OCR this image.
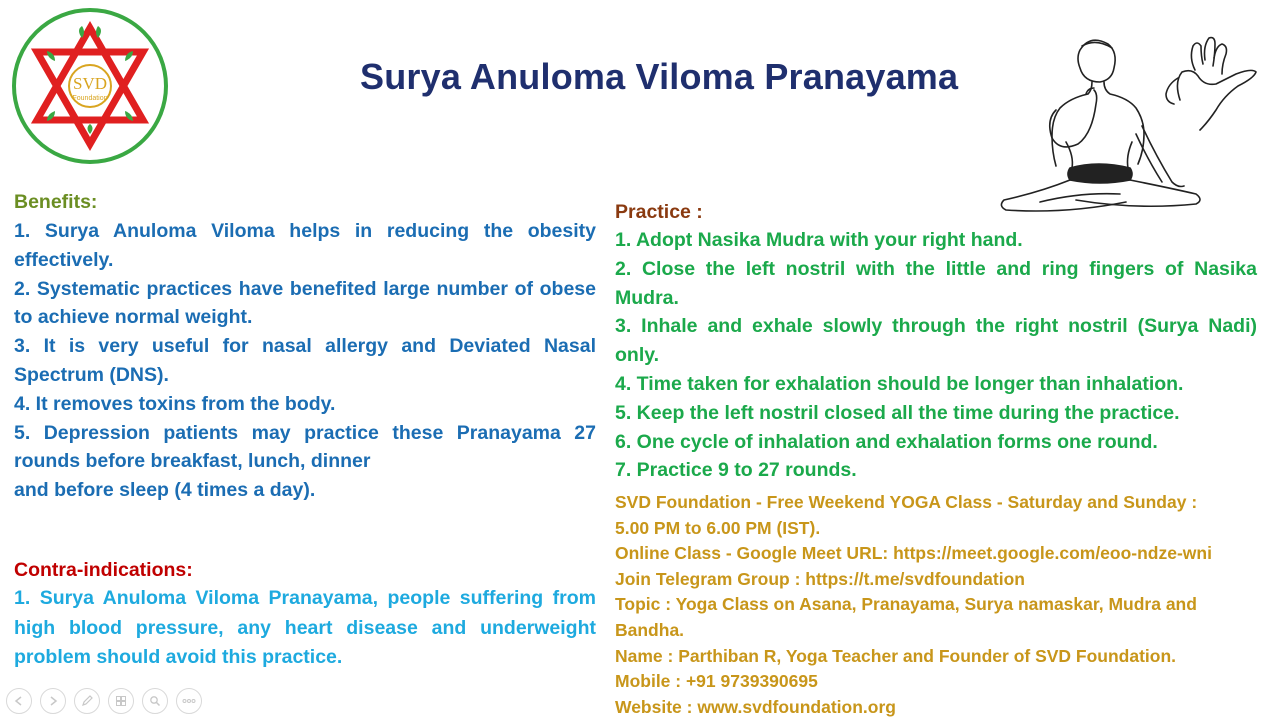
SVD
Foundation
Surya Anuloma Viloma Pranayama
Benefits:
1. Surya Anuloma Viloma helps in reducing the obesity effectively.
2. Systematic practices have benefited large number of obese to achieve normal weight.
3. It is very useful for nasal allergy and Deviated Nasal Spectrum (DNS).
4. It removes toxins from the body.
5. Depression patients may practice these Pranayama 27 rounds before breakfast, lunch, dinner
and before sleep (4 times a day).
Contra-indications:
1. Surya Anuloma Viloma Pranayama, people suffering from high blood pressure, any heart disease and underweight problem should avoid this practice.
Practice :
1. Adopt Nasika Mudra with your right hand.
2. Close the left nostril with the little and ring fingers of Nasika Mudra.
3. Inhale and exhale slowly through the right nostril (Surya Nadi) only.
4. Time taken for exhalation should be longer than inhalation.
5. Keep the left nostril closed all the time during the practice.
6. One cycle of inhalation and exhalation forms one round.
7. Practice 9 to 27 rounds.
SVD Foundation - Free Weekend YOGA Class - Saturday and Sunday :
5.00 PM to 6.00 PM (IST).
Online Class - Google Meet URL: https://meet.google.com/eoo-ndze-wni
Join Telegram Group : https://t.me/svdfoundation
Topic : Yoga Class on Asana, Pranayama, Surya namaskar, Mudra and
Bandha.
Name : Parthiban R, Yoga Teacher and Founder of SVD Foundation.
Mobile : +91 9739390695
Website : www.svdfoundation.org
